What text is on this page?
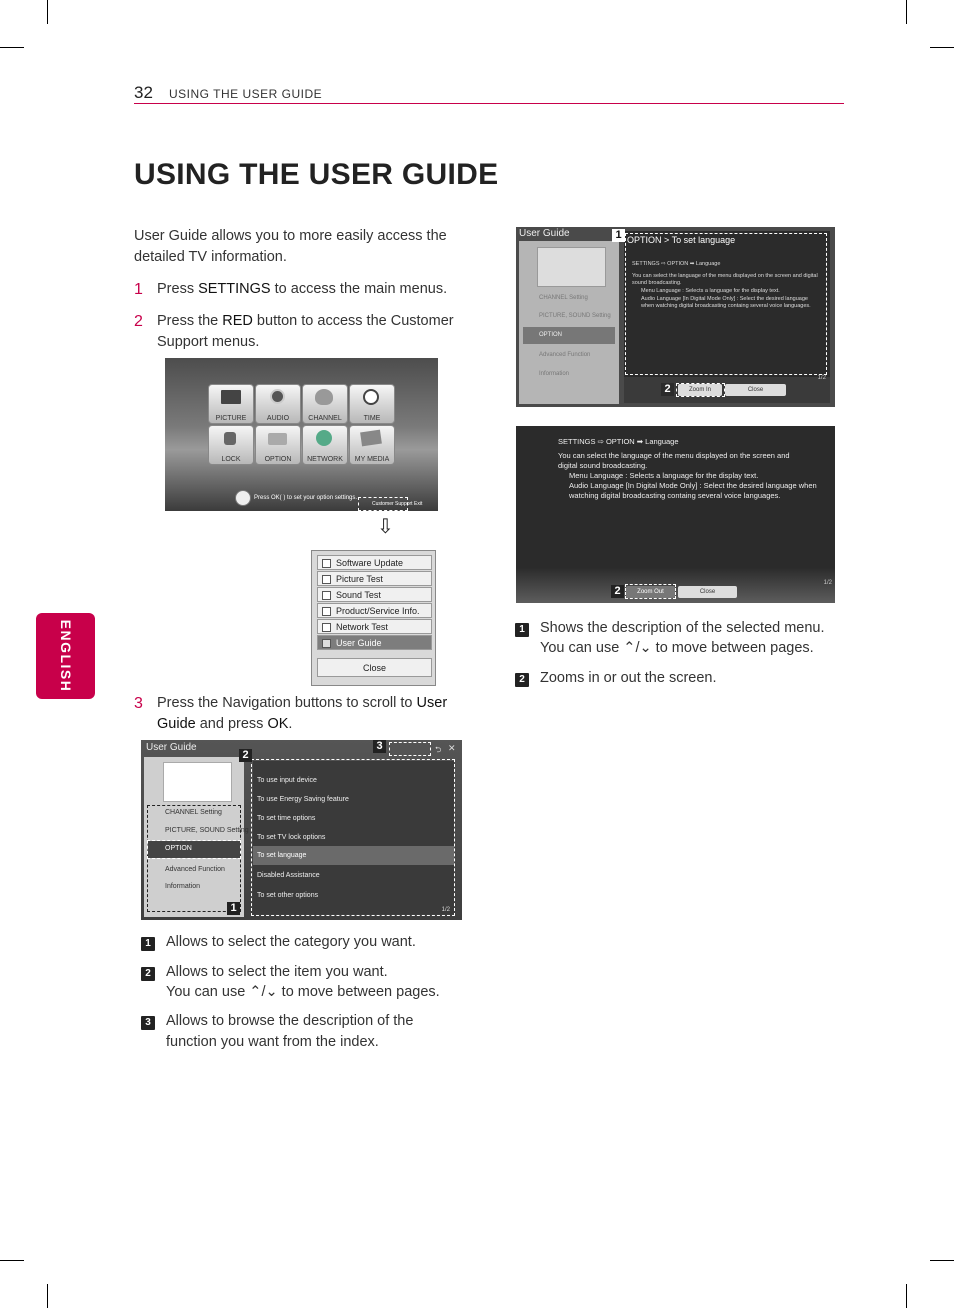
32 USING THE USER GUIDE
USING THE USER GUIDE
ENGLISH
User Guide allows you to more easily access the detailed TV information.
1 Press SETTINGS to access the main menus.
2 Press the RED button to access the Customer Support menus.
PICTURE	AUDIO	CHANNEL	TIME
LOCK	OPTION	NETWORK	MY MEDIA
Press OK( ) to set your option settings.
Customer Support Exit
⇩
Software Update
Picture Test
Sound Test
Product/Service Info.
Network Test
User Guide
Close
3 Press the Navigation buttons to scroll to User Guide and press OK.
User Guide
CHANNEL Setting
PICTURE, SOUND Setting
OPTION
Advanced Function
Information
To use input device
To use Energy Saving feature
To set time options
To set TV lock options
To set language
Disabled Assistance
To set other options
1/2
⮌ ✕
1
2
3
1 Allows to select the category you want.
2 Allows to select the item you want.
You can use ⌃/⌄ to move between pages.
3 Allows to browse the description of the function you want from the index.
User Guide
CHANNEL Setting
PICTURE, SOUND Setting
OPTION
Advanced Function
Information
OPTION > To set language
SETTINGS ⇨ OPTION ➡ Language
You can select the language of the menu displayed on the screen and digital sound broadcasting.
Menu Language : Selects a language for the display text.
Audio Language [In Digital Mode Only] : Select the desired language when watching digital broadcasting containg several voice languages.
Zoom In	Close
1/2
1
2
SETTINGS ⇨ OPTION ➡ Language
You can select the language of the menu displayed on the screen and digital sound broadcasting.
Menu Language : Selects a language for the display text.
Audio Language [In Digital Mode Only] : Select the desired language when watching digital broadcasting containg several voice languages.
Zoom Out	Close
1/2
2
1 Shows the description of the selected menu.
You can use ⌃/⌄ to move between pages.
2 Zooms in or out the screen.
